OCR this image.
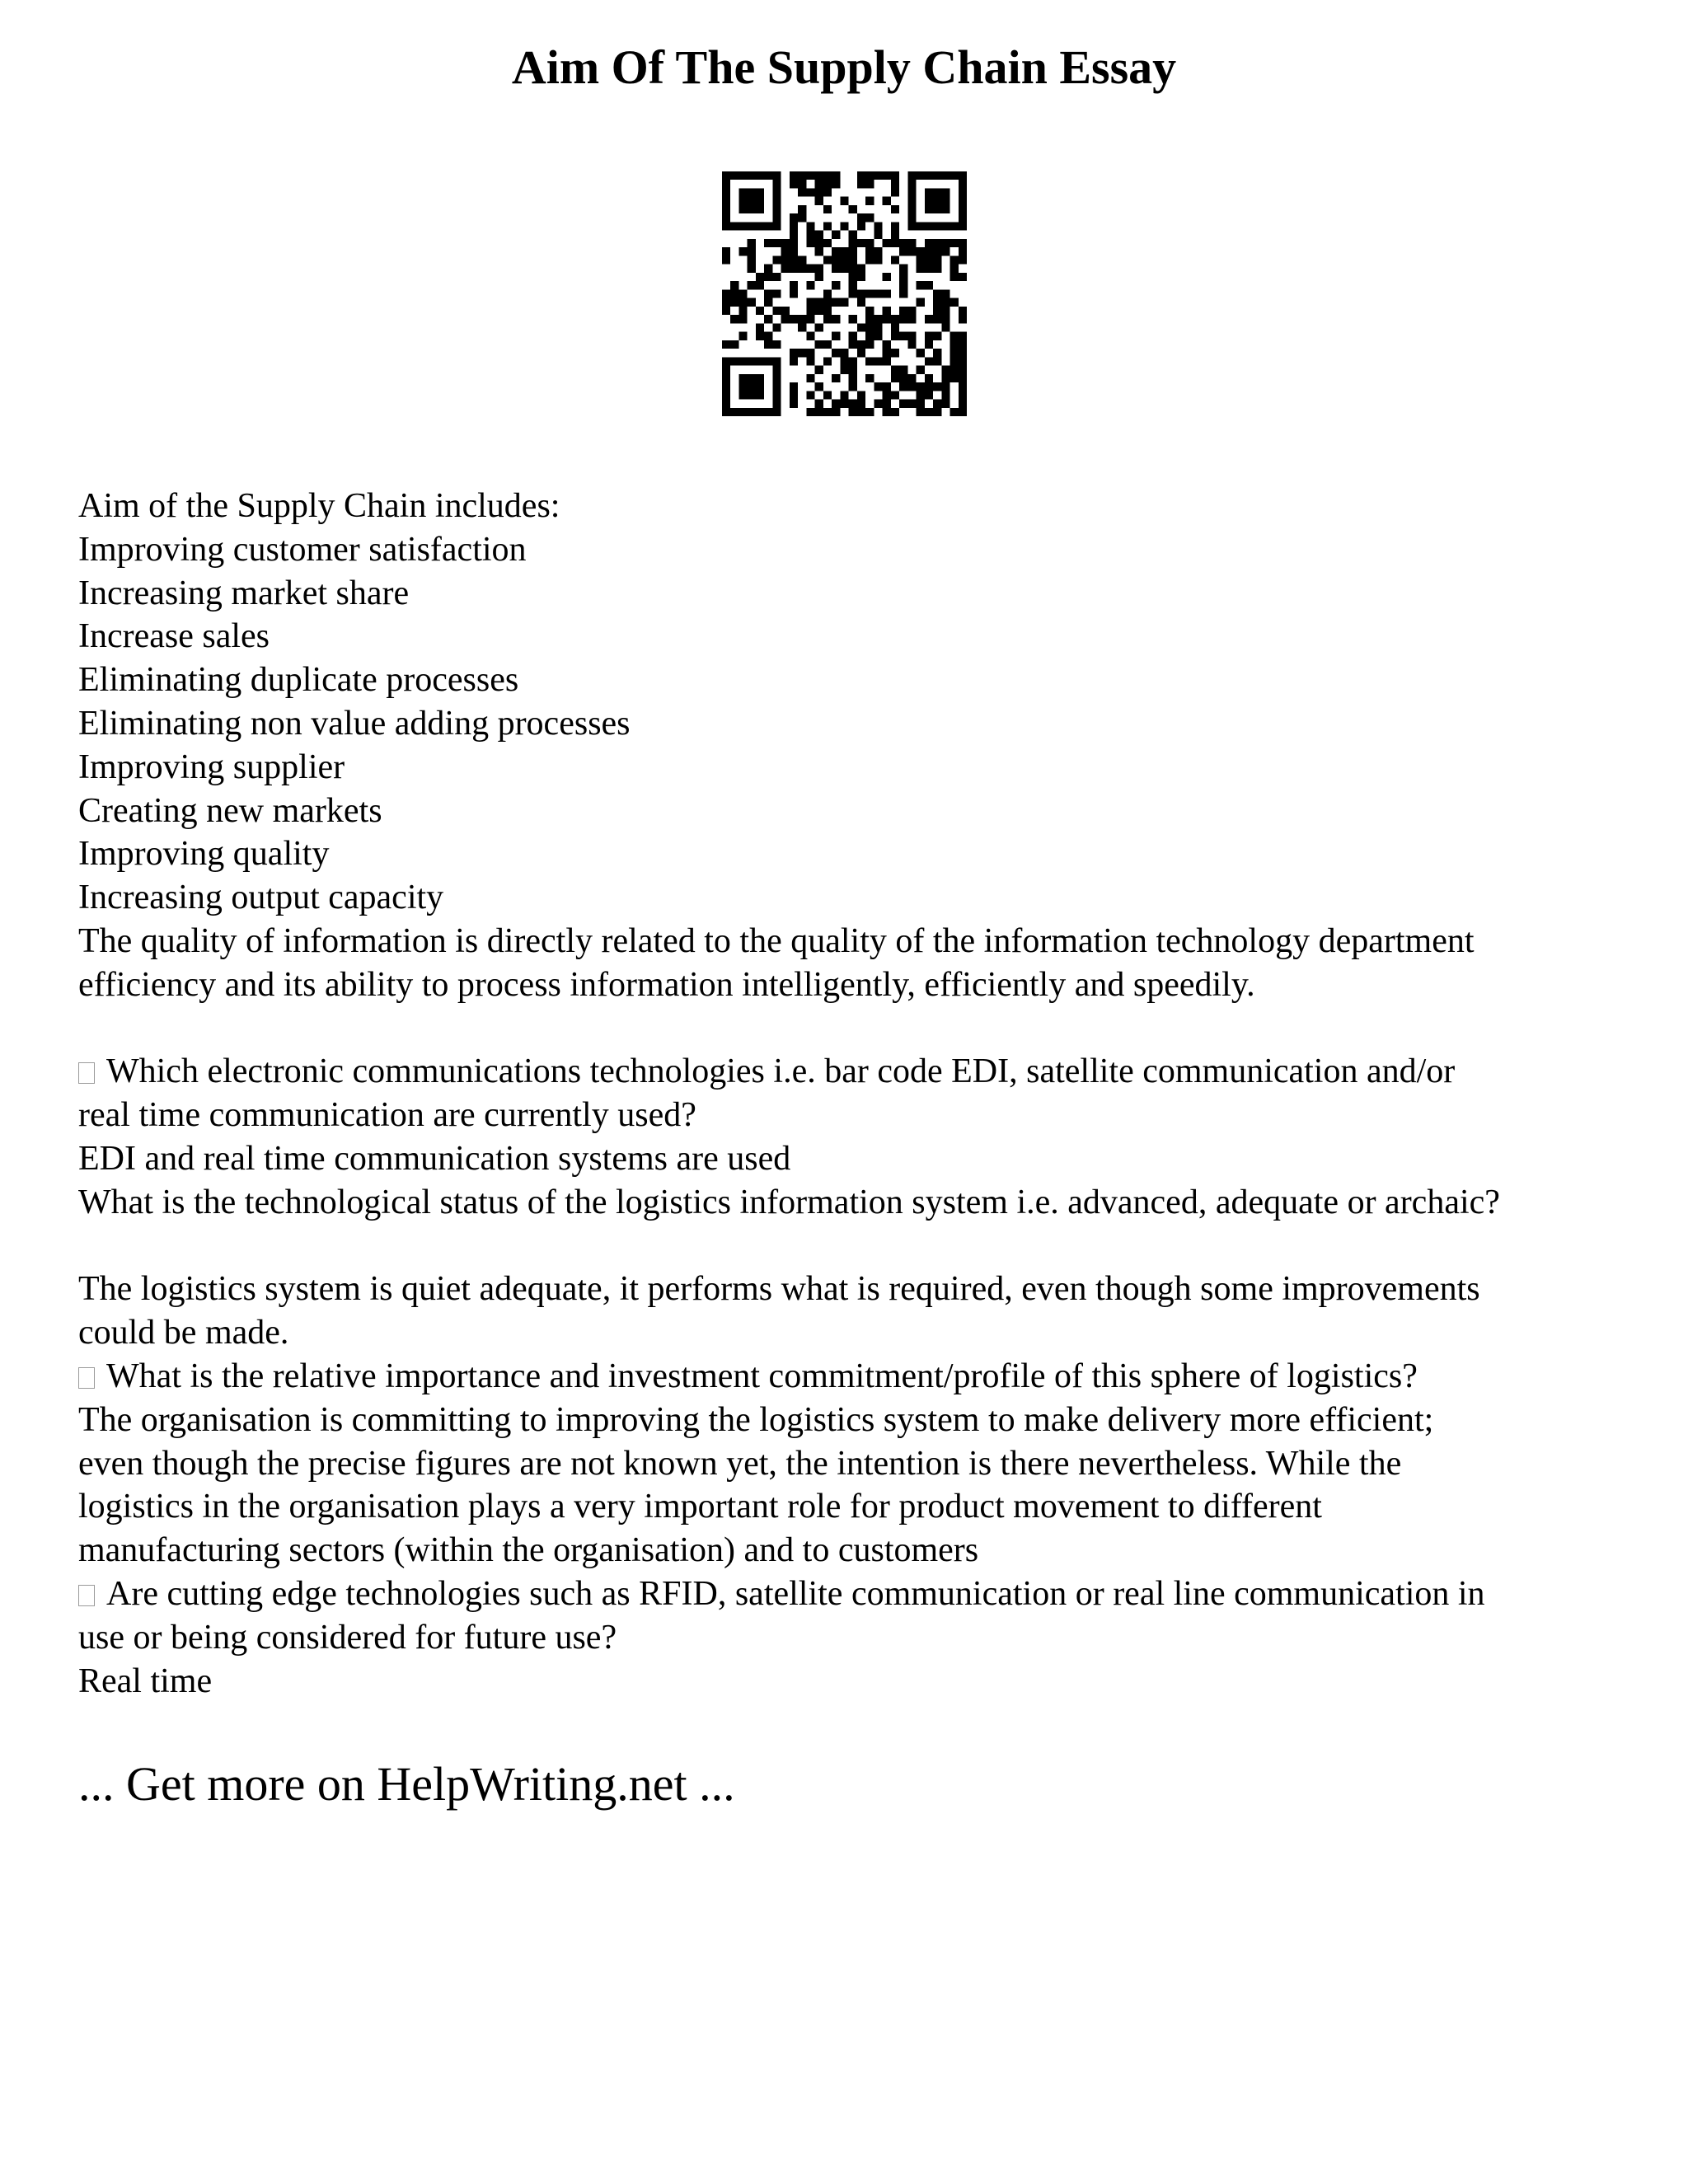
Aim Of The Supply Chain Essay
Aim of the Supply Chain includes:
Improving customer satisfaction
Increasing market share
Increase sales
Eliminating duplicate processes
Eliminating non value adding processes
Improving supplier
Creating new markets
Improving quality
Increasing output capacity
The quality of information is directly related to the quality of the information technology department
efficiency and its ability to process information intelligently, efficiently and speedily.
Which electronic communications technologies i.e. bar code EDI, satellite communication and/or
real time communication are currently used?
EDI and real time communication systems are used
What is the technological status of the logistics information system i.e. advanced, adequate or archaic?
The logistics system is quiet adequate, it performs what is required, even though some improvements
could be made.
What is the relative importance and investment commitment/profile of this sphere of logistics?
The organisation is committing to improving the logistics system to make delivery more efficient;
even though the precise figures are not known yet, the intention is there nevertheless. While the
logistics in the organisation plays a very important role for product movement to different
manufacturing sectors (within the organisation) and to customers
Are cutting edge technologies such as RFID, satellite communication or real line communication in
use or being considered for future use?
Real time
... Get more on HelpWriting.net ...
